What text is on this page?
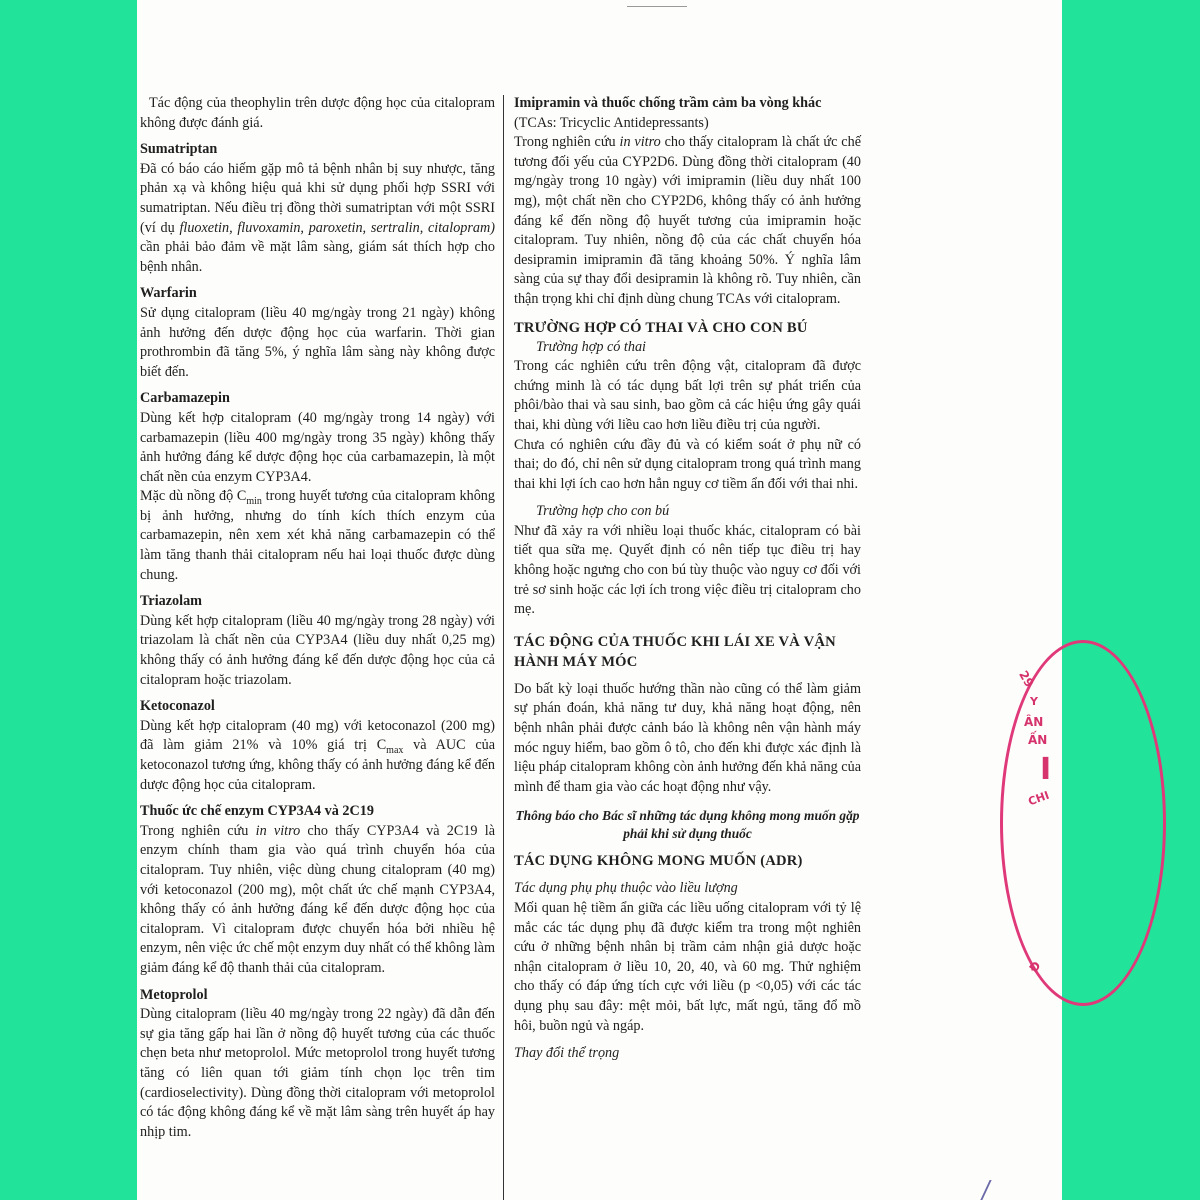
Tác động của theophylin trên dược động học của citalopram không được đánh giá.

Sumatriptan

Đã có báo cáo hiếm gặp mô tả bệnh nhân bị suy nhược, tăng phản xạ và không hiệu quả khi sử dụng phối hợp SSRI với sumatriptan. Nếu điều trị đồng thời sumatriptan với một SSRI (ví dụ fluoxetin, fluvoxamin, paroxetin, sertralin, citalopram) cần phải bảo đảm về mặt lâm sàng, giám sát thích hợp cho bệnh nhân.

Warfarin

Sử dụng citalopram (liều 40 mg/ngày trong 21 ngày) không ảnh hưởng đến dược động học của warfarin. Thời gian prothrombin đã tăng 5%, ý nghĩa lâm sàng này không được biết đến.

Carbamazepin

Dùng kết hợp citalopram (40 mg/ngày trong 14 ngày) với carbamazepin (liều 400 mg/ngày trong 35 ngày) không thấy ảnh hưởng đáng kể dược động học của carbamazepin, là một chất nền của enzym CYP3A4.

Mặc dù nồng độ $C_{min}$ trong huyết tương của citalopram không bị ảnh hưởng, nhưng do tính kích thích enzym của carbamazepin, nên xem xét khả năng carbamazepin có thể làm tăng thanh thải citalopram nếu hai loại thuốc được dùng chung.

Triazolam

Dùng kết hợp citalopram (liều 40 mg/ngày trong 28 ngày) với triazolam là chất nền của CYP3A4 (liều duy nhất 0,25 mg) không thấy có ảnh hưởng đáng kể đến dược động học của cả citalopram hoặc triazolam.

Ketoconazol

Dùng kết hợp citalopram (40 mg) với ketoconazol (200 mg) đã làm giảm 21% và 10% giá trị $C_{max}$ và AUC của ketoconazol tương ứng, không thấy có ảnh hưởng đáng kể đến dược động học của citalopram.

Thuốc ức chế enzym CYP3A4 và 2C19

Trong nghiên cứu in vitro cho thấy CYP3A4 và 2C19 là enzym chính tham gia vào quá trình chuyển hóa của citalopram. Tuy nhiên, việc dùng chung citalopram (40 mg) với ketoconazol (200 mg), một chất ức chế mạnh CYP3A4, không thấy có ảnh hưởng đáng kể đến dược động học của citalopram. Vì citalopram được chuyển hóa bởi nhiều hệ enzym, nên việc ức chế một enzym duy nhất có thể không làm giảm đáng kể độ thanh thải của citalopram.

Metoprolol

Dùng citalopram (liều 40 mg/ngày trong 22 ngày) đã dẫn đến sự gia tăng gấp hai lần ở nồng độ huyết tương của các thuốc chẹn beta như metoprolol. Mức metoprolol trong huyết tương tăng có liên quan tới giảm tính chọn lọc trên tim (cardioselectivity). Dùng đồng thời citalopram với metoprolol có tác động không đáng kể về mặt lâm sàng trên huyết áp hay nhịp tim.

Imipramin và thuốc chống trầm cảm ba vòng khác

(TCAs: Tricyclic Antidepressants)

Trong nghiên cứu in vitro cho thấy citalopram là chất ức chế tương đối yếu của CYP2D6. Dùng đồng thời citalopram (40 mg/ngày trong 10 ngày) với imipramin (liều duy nhất 100 mg), một chất nền cho CYP2D6, không thấy có ảnh hưởng đáng kể đến nồng độ huyết tương của imipramin hoặc citalopram. Tuy nhiên, nồng độ của các chất chuyển hóa desipramin imipramin đã tăng khoảng 50%. Ý nghĩa lâm sàng của sự thay đổi desipramin là không rõ. Tuy nhiên, cần thận trọng khi chỉ định dùng chung TCAs với citalopram.

TRƯỜNG HỢP CÓ THAI VÀ CHO CON BÚ

Trường hợp có thai

Trong các nghiên cứu trên động vật, citalopram đã được chứng minh là có tác dụng bất lợi trên sự phát triển của phôi/bào thai và sau sinh, bao gồm cả các hiệu ứng gây quái thai, khi dùng với liều cao hơn liều điều trị của người.

Chưa có nghiên cứu đầy đủ và có kiểm soát ở phụ nữ có thai; do đó, chỉ nên sử dụng citalopram trong quá trình mang thai khi lợi ích cao hơn hẳn nguy cơ tiềm ẩn đối với thai nhi.

Trường hợp cho con bú

Như đã xảy ra với nhiều loại thuốc khác, citalopram có bài tiết qua sữa mẹ. Quyết định có nên tiếp tục điều trị hay không hoặc ngưng cho con bú tùy thuộc vào nguy cơ đối với trẻ sơ sinh hoặc các lợi ích trong việc điều trị citalopram cho mẹ.

TÁC ĐỘNG CỦA THUỐC KHI LÁI XE VÀ VẬN HÀNH MÁY MÓC

Do bất kỳ loại thuốc hướng thần nào cũng có thể làm giảm sự phán đoán, khả năng tư duy, khả năng hoạt động, nên bệnh nhân phải được cảnh báo là không nên vận hành máy móc nguy hiểm, bao gồm ô tô, cho đến khi được xác định là liệu pháp citalopram không còn ảnh hưởng đến khả năng của mình để tham gia vào các hoạt động như vậy.

Thông báo cho Bác sĩ những tác dụng không mong muốn gặp phải khi sử dụng thuốc

TÁC DỤNG KHÔNG MONG MUỐN (ADR)

Tác dụng phụ phụ thuộc vào liều lượng

Mối quan hệ tiềm ẩn giữa các liều uống citalopram với tỷ lệ mắc các tác dụng phụ đã được kiểm tra trong một nghiên cứu ở những bệnh nhân bị trầm cảm nhận giả dược hoặc nhận citalopram ở liều 10, 20, 40, và 60 mg. Thử nghiệm cho thấy có đáp ứng tích cực với liều (p <0,05) với các tác dụng phụ sau đây: mệt mỏi, bất lực, mất ngủ, tăng đổ mồ hôi, buồn ngủ và ngáp.

Thay đổi thể trọng

29
Y
ÂN
ẤN
I
CHI
Đ
